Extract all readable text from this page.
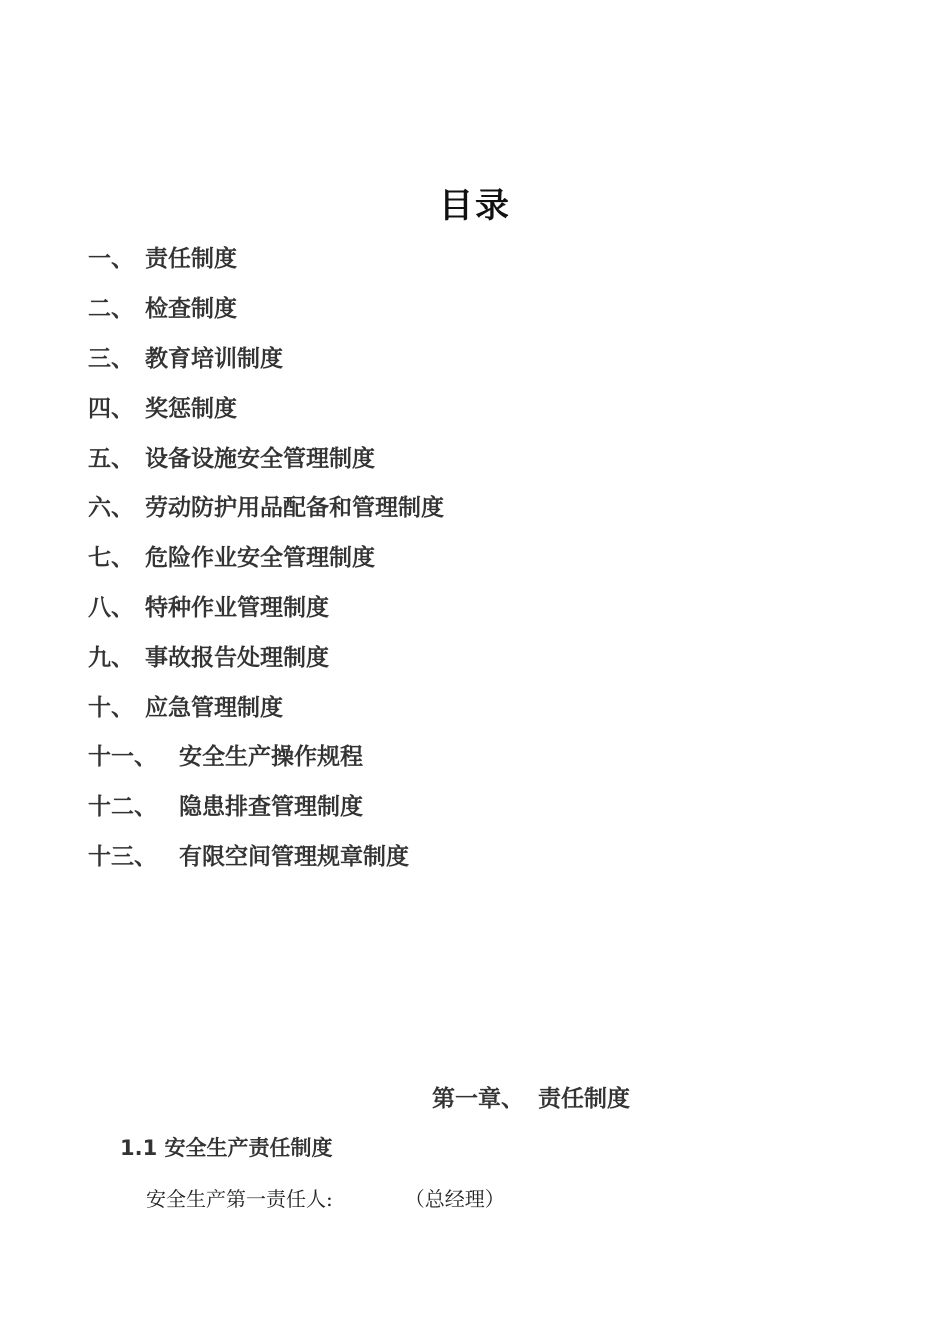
目录
一、 责任制度
二、 检查制度
三、 教育培训制度
四、 奖惩制度
五、 设备设施安全管理制度
六、 劳动防护用品配备和管理制度
七、 危险作业安全管理制度
八、 特种作业管理制度
九、 事故报告处理制度
十、 应急管理制度
十一、 安全生产操作规程
十二、 隐患排查管理制度
十三、 有限空间管理规章制度
第一章、 责任制度
1.1 安全生产责任制度
安全生产第一责任人:	（总经理）
